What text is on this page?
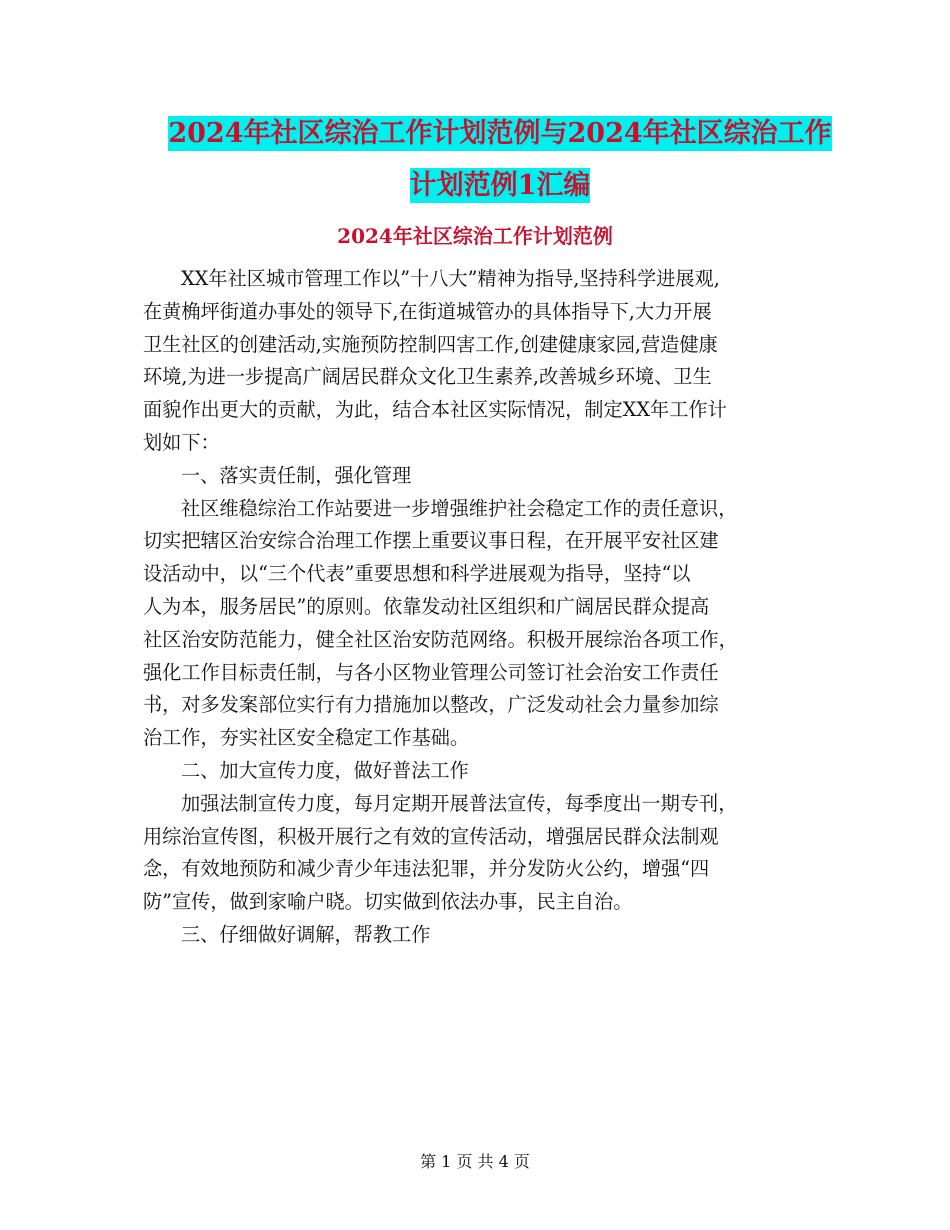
2024年社区综治工作计划范例与2024年社区综治工作
计划范例1汇编
2024年社区综治工作计划范例
XX年社区城市管理工作以”十八大”精神为指导,坚持科学进展观,
在黄桷坪街道办事处的领导下,在街道城管办的具体指导下,大力开展
卫生社区的创建活动,实施预防控制四害工作,创建健康家园,营造健康
环境,为进一步提高广阔居民群众文化卫生素养,改善城乡环境、卫生
面貌作出更大的贡献，为此，结合本社区实际情况，制定XX年工作计
划如下：
一、落实责任制，强化管理
社区维稳综治工作站要进一步增强维护社会稳定工作的责任意识，
切实把辖区治安综合治理工作摆上重要议事日程，在开展平安社区建
设活动中，以“三个代表”重要思想和科学进展观为指导，坚持“以
人为本，服务居民”的原则。依靠发动社区组织和广阔居民群众提高
社区治安防范能力，健全社区治安防范网络。积极开展综治各项工作，
强化工作目标责任制，与各小区物业管理公司签订社会治安工作责任
书，对多发案部位实行有力措施加以整改，广泛发动社会力量参加综
治工作，夯实社区安全稳定工作基础。
二、加大宣传力度，做好普法工作
加强法制宣传力度，每月定期开展普法宣传，每季度出一期专刊，
用综治宣传图，积极开展行之有效的宣传活动，增强居民群众法制观
念，有效地预防和减少青少年违法犯罪，并分发防火公约，增强“四
防”宣传，做到家喻户晓。切实做到依法办事，民主自治。
三、仔细做好调解，帮教工作
第 1 页 共 4 页
